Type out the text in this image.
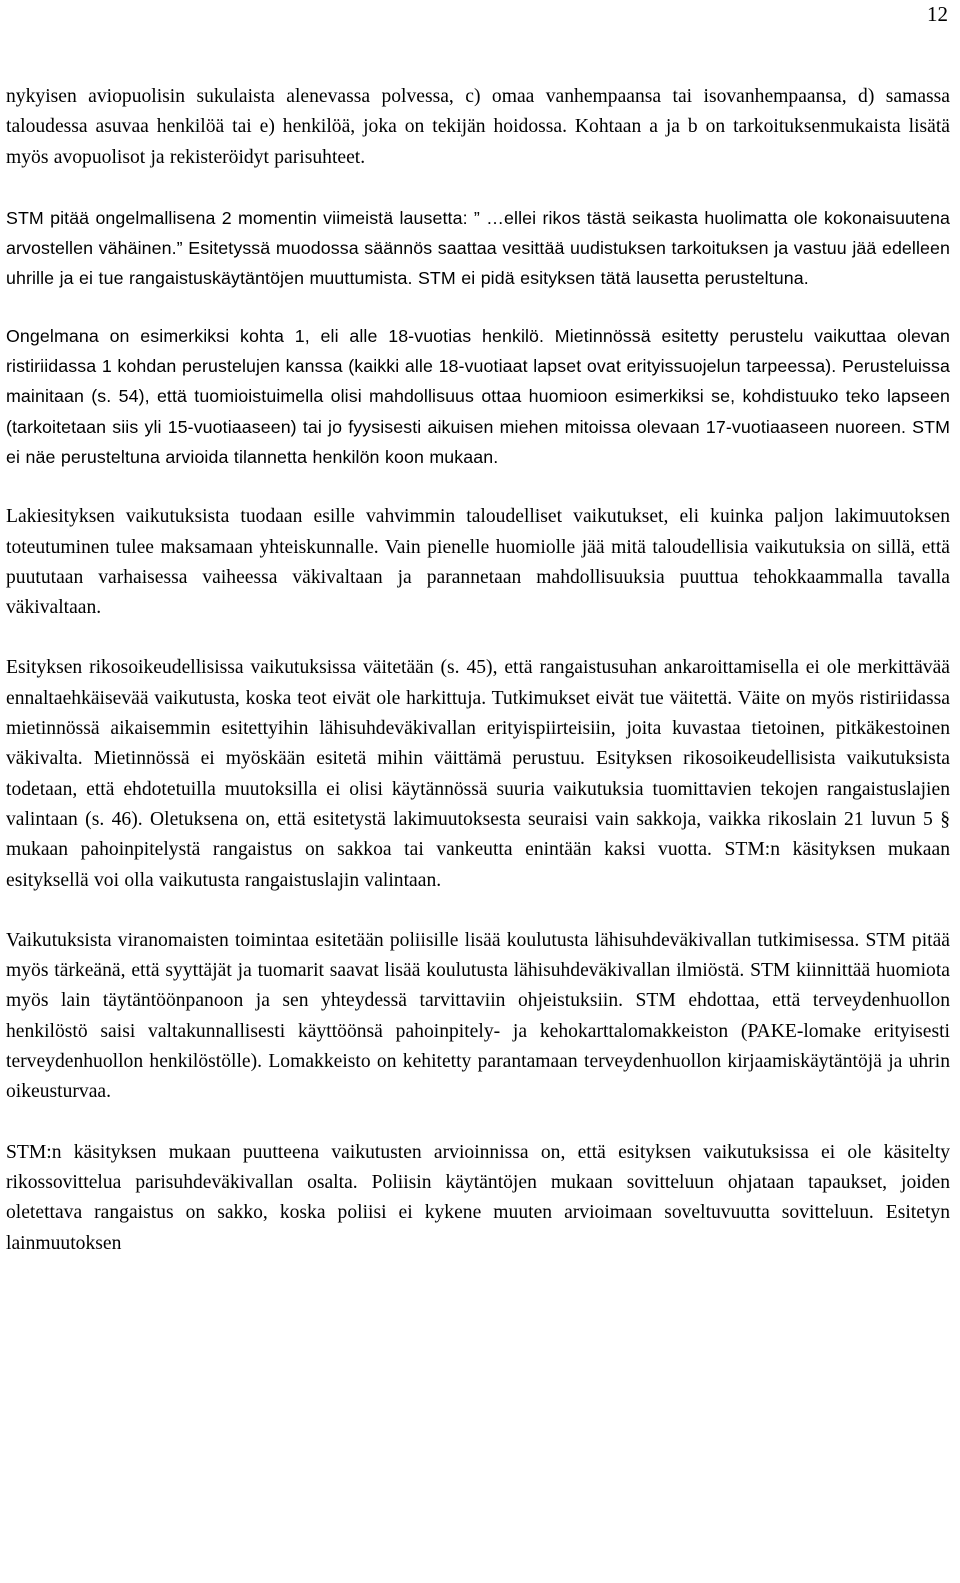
12

nykyisen aviopuolisin sukulaista alenevassa polvessa, c) omaa vanhempaansa tai isovanhempaansa, d) samassa taloudessa asuvaa henkilöä tai e) henkilöä, joka on tekijän hoidossa. Kohtaan a ja b on tarkoituksenmukaista lisätä myös avopuolisot ja rekisteröidyt parisuhteet.

STM pitää ongelmallisena 2 momentin viimeistä lausetta: ” …ellei rikos tästä seikasta huolimatta ole kokonaisuutena arvostellen vähäinen.” Esitetyssä muodossa säännös saattaa vesittää uudistuksen tarkoituksen ja vastuu jää edelleen uhrille ja ei tue rangaistuskäytäntöjen muuttumista. STM ei pidä esityksen tätä lausetta perusteltuna.

Ongelmana on esimerkiksi kohta 1, eli alle 18-vuotias henkilö. Mietinnössä esitetty perustelu vaikuttaa olevan ristiriidassa 1 kohdan perustelujen kanssa (kaikki alle 18-vuotiaat lapset ovat erityissuojelun tarpeessa). Perusteluissa mainitaan (s. 54), että tuomioistuimella olisi mahdollisuus ottaa huomioon esimerkiksi se, kohdistuuko teko lapseen (tarkoitetaan siis yli 15-vuotiaaseen) tai jo fyysisesti aikuisen miehen mitoissa olevaan 17-vuotiaaseen nuoreen. STM ei näe perusteltuna arvioida tilannetta henkilön koon mukaan.

Lakiesityksen vaikutuksista tuodaan esille vahvimmin taloudelliset vaikutukset, eli kuinka paljon lakimuutoksen toteutuminen tulee maksamaan yhteiskunnalle. Vain pienelle huomiolle jää mitä taloudellisia vaikutuksia on sillä, että puututaan varhaisessa vaiheessa väkivaltaan ja parannetaan mahdollisuuksia puuttua tehokkaammalla tavalla väkivaltaan.

Esityksen rikosoikeudellisissa vaikutuksissa väitetään (s. 45), että rangaistusuhan ankaroittamisella ei ole merkittävää ennaltaehkäisevää vaikutusta, koska teot eivät ole harkittuja. Tutkimukset eivät tue väitettä. Väite on myös ristiriidassa mietinnössä aikaisemmin esitettyihin lähisuhdeväkivallan erityispiirteisiin, joita kuvastaa tietoinen, pitkäkestoinen väkivalta. Mietinnössä ei myöskään esitetä mihin väittämä perustuu. Esityksen rikosoikeudellisista vaikutuksista todetaan, että ehdotetuilla muutoksilla ei olisi käytännössä suuria vaikutuksia tuomittavien tekojen rangaistuslajien valintaan (s. 46). Oletuksena on, että esitetystä lakimuutoksesta seuraisi vain sakkoja, vaikka rikoslain 21 luvun 5 § mukaan pahoinpitelystä rangaistus on sakkoa tai vankeutta enintään kaksi vuotta. STM:n käsityksen mukaan esityksellä voi olla vaikutusta rangaistuslajin valintaan.

Vaikutuksista viranomaisten toimintaa esitetään poliisille lisää koulutusta lähisuhdeväkivallan tutkimisessa. STM pitää myös tärkeänä, että syyttäjät ja tuomarit saavat lisää koulutusta lähisuhdeväkivallan ilmiöstä. STM kiinnittää huomiota myös lain täytäntöönpanoon ja sen yhteydessä tarvittaviin ohjeistuksiin. STM ehdottaa, että terveydenhuollon henkilöstö saisi valtakunnallisesti käyttöönsä pahoinpitely- ja kehokarttalomakkeiston (PAKE-lomake erityisesti terveydenhuollon henkilöstölle). Lomakkeisto on kehitetty parantamaan terveydenhuollon kirjaamiskäytäntöjä ja uhrin oikeusturvaa.

STM:n käsityksen mukaan puutteena vaikutusten arvioinnissa on, että esityksen vaikutuksissa ei ole käsitelty rikossovittelua parisuhdeväkivallan osalta. Poliisin käytäntöjen mukaan sovitteluun ohjataan tapaukset, joiden oletettava rangaistus on sakko, koska poliisi ei kykene muuten arvioimaan soveltuvuutta sovitteluun. Esitetyn lainmuutoksen
